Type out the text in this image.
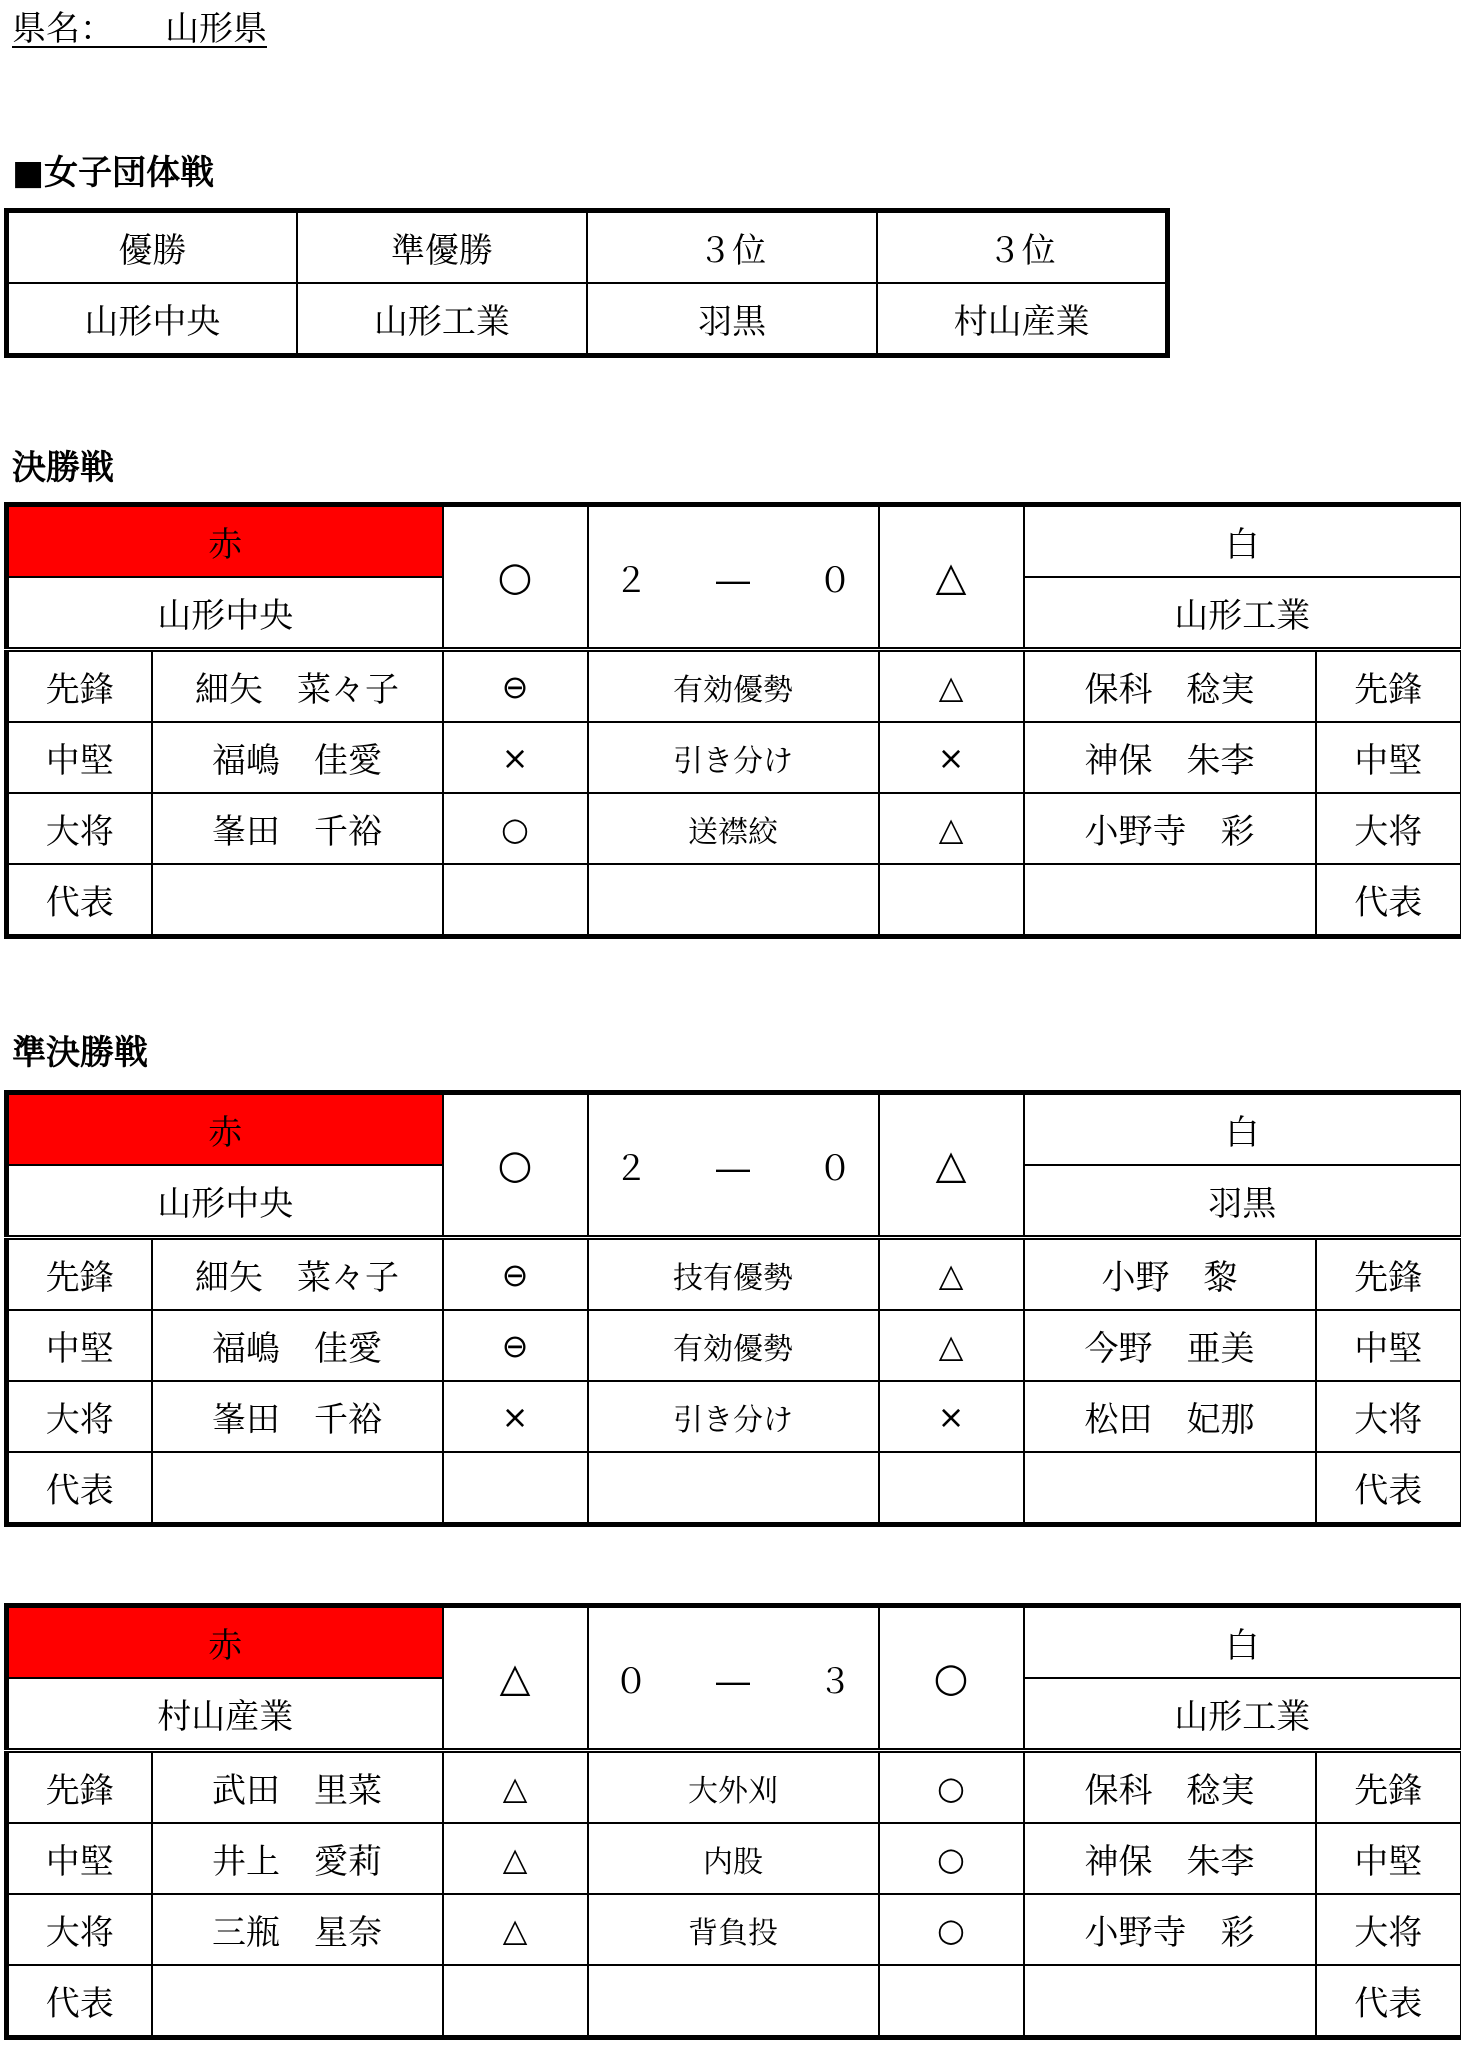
県名：　　 山形県
■女子団体戦
優勝	準優勝	３位	３位
山形中央	山形工業	羽黒	村山産業
決勝戦
赤		○	２　　 ―　　 ０	△	白	
山形中央					山形工業	
先鋒	細矢　菜々子	⊖	有効優勢	△	保科　稔実	先鋒
中堅	福嶋　佳愛	×	引き分け	×	神保　朱李	中堅
大将	峯田　千裕	○	送襟絞	△	小野寺　彩	大将
代表						代表
準決勝戦
赤		○	２　　 ―　　 ０	△	白	
山形中央					羽黒	
先鋒	細矢　菜々子	⊖	技有優勢	△	小野　黎	先鋒
中堅	福嶋　佳愛	⊖	有効優勢	△	今野　亜美	中堅
大将	峯田　千裕	×	引き分け	×	松田　妃那	大将
代表						代表
赤		△	０　　 ―　　 ３	○	白	
村山産業					山形工業	
先鋒	武田　里菜	△	大外刈	○	保科　稔実	先鋒
中堅	井上　愛莉	△	内股	○	神保　朱李	中堅
大将	三瓶　星奈	△	背負投	○	小野寺　彩	大将
代表						代表
